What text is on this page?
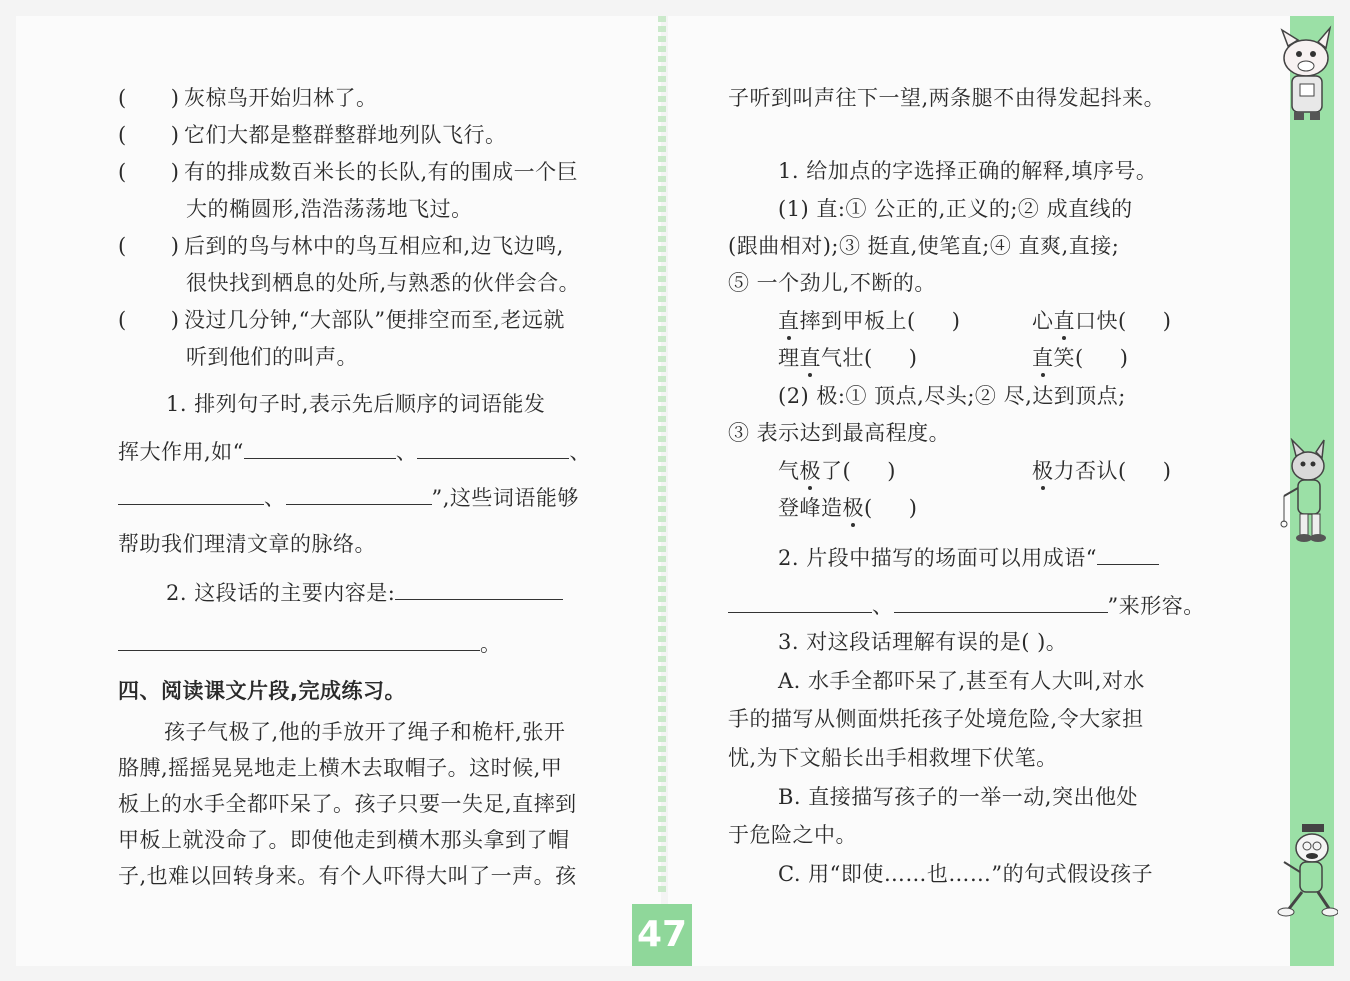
( ) 灰椋鸟开始归林了。
( ) 它们大都是整群整群地列队飞行。
( ) 有的排成数百米长的长队,有的围成一个巨
大的椭圆形,浩浩荡荡地飞过。
( ) 后到的鸟与林中的鸟互相应和,边飞边鸣,
很快找到栖息的处所,与熟悉的伙伴会合。
( ) 没过几分钟,“大部队”便排空而至,老远就
听到他们的叫声。
1. 排列句子时,表示先后顺序的词语能发
挥大作用,如“	、	、
、	”,这些词语能够
帮助我们理清文章的脉络。
2. 这段话的主要内容是:
。
四、阅读课文片段,完成练习。
孩子气极了,他的手放开了绳子和桅杆,张开
胳膊,摇摇晃晃地走上横木去取帽子。这时候,甲
板上的水手全都吓呆了。孩子只要一失足,直摔到
甲板上就没命了。即使他走到横木那头拿到了帽
子,也难以回转身来。有个人吓得大叫了一声。孩
子听到叫声往下一望,两条腿不由得发起抖来。
1. 给加点的字选择正确的解释,填序号。
(1) 直:① 公正的,正义的;② 成直线的
(跟曲相对);③ 挺直,使笔直;④ 直爽,直接;
⑤ 一个劲儿,不断的。
直摔到甲板上( )	心直口快( )
理直气壮( )	直笑( )
(2) 极:① 顶点,尽头;② 尽,达到顶点;
③ 表示达到最高程度。
气极了( )	极力否认( )
登峰造极( )
2. 片段中描写的场面可以用成语“
、	”来形容。
3. 对这段话理解有误的是( )。
A. 水手全都吓呆了,甚至有人大叫,对水
手的描写从侧面烘托孩子处境危险,令大家担
忧,为下文船长出手相救埋下伏笔。
B. 直接描写孩子的一举一动,突出他处
于危险之中。
C. 用“即使……也……”的句式假设孩子
47
